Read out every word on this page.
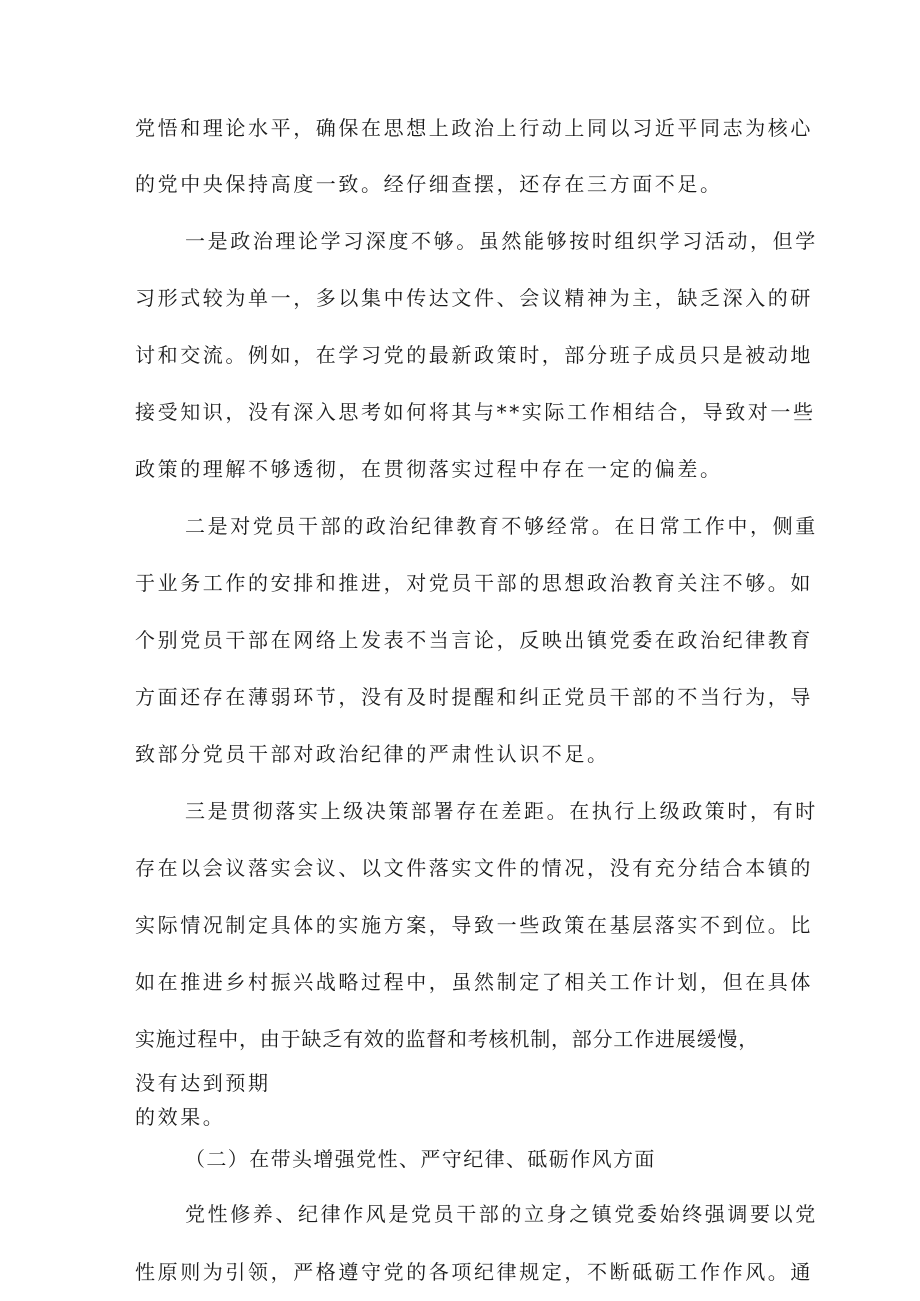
党悟和理论水平，确保在思想上政治上行动上同以习近平同志为核心
的党中央保持高度一致。经仔细查摆，还存在三方面不足。
一是政治理论学习深度不够。虽然能够按时组织学习活动，但学
习形式较为单一，多以集中传达文件、会议精神为主，缺乏深入的研
讨和交流。例如，在学习党的最新政策时，部分班子成员只是被动地
接受知识，没有深入思考如何将其与**实际工作相结合，导致对一些
政策的理解不够透彻，在贯彻落实过程中存在一定的偏差。
二是对党员干部的政治纪律教育不够经常。在日常工作中，侧重
于业务工作的安排和推进，对党员干部的思想政治教育关注不够。如
个别党员干部在网络上发表不当言论，反映出镇党委在政治纪律教育
方面还存在薄弱环节，没有及时提醒和纠正党员干部的不当行为，导
致部分党员干部对政治纪律的严肃性认识不足。
三是贯彻落实上级决策部署存在差距。在执行上级政策时，有时
存在以会议落实会议、以文件落实文件的情况，没有充分结合本镇的
实际情况制定具体的实施方案，导致一些政策在基层落实不到位。比
如在推进乡村振兴战略过程中，虽然制定了相关工作计划，但在具体
实施过程中，由于缺乏有效的监督和考核机制，部分工作进展缓慢，
没有达到预期
的效果。
（二）在带头增强党性、严守纪律、砥砺作风方面
党性修养、纪律作风是党员干部的立身之镇党委始终强调要以党
性原则为引领，严格遵守党的各项纪律规定，不断砥砺工作作风。通
